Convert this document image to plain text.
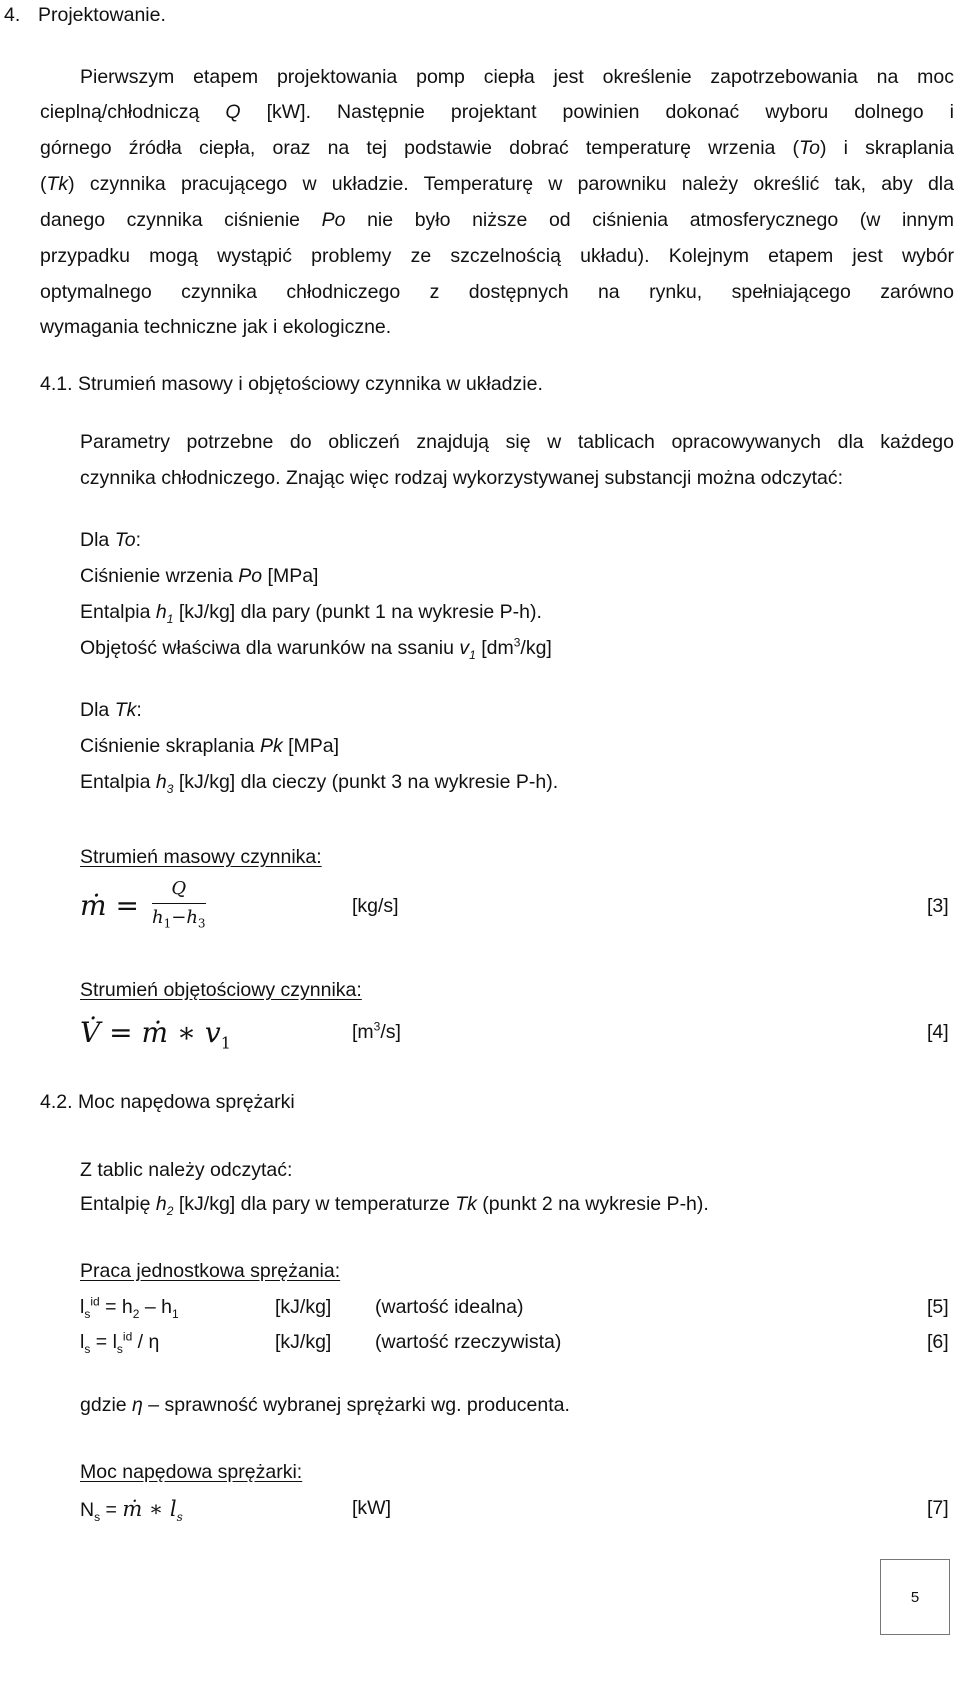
4. Projektowanie.
Pierwszym etapem projektowania pomp ciepła jest określenie zapotrzebowania na moc
cieplną/chłodniczą Q [kW]. Następnie projektant powinien dokonać wyboru dolnego i
górnego źródła ciepła, oraz na tej podstawie dobrać temperaturę wrzenia (To) i skraplania
(Tk) czynnika pracującego w układzie. Temperaturę w parowniku należy określić tak, aby dla
danego czynnika ciśnienie Po nie było niższe od ciśnienia atmosferycznego (w innym
przypadku mogą wystąpić problemy ze szczelnością układu). Kolejnym etapem jest wybór
optymalnego czynnika chłodniczego z dostępnych na rynku, spełniającego zarówno
wymagania techniczne jak i ekologiczne.
4.1. Strumień masowy i objętościowy czynnika w układzie.
Parametry potrzebne do obliczeń znajdują się w tablicach opracowywanych dla każdego
czynnika chłodniczego. Znając więc rodzaj wykorzystywanej substancji można odczytać:
Dla To:
Ciśnienie wrzenia Po [MPa]
Entalpia $h_1$ [kJ/kg] dla pary (punkt 1 na wykresie P-h).
Objętość właściwa dla warunków na ssaniu $v_1$ $[dm^3/kg]$
Dla Tk:
Ciśnienie skraplania Pk [MPa]
Entalpia $h_3$ [kJ/kg] dla cieczy (punkt 3 na wykresie P-h).
Strumień masowy czynnika:
ṁ =
Q
$h_1-h_3$
[kg/s]	[3]
Strumień objętościowy czynnika:
V̇ = ṁ ∗ $v_1$
$[m^3/s]$	[4]
4.2. Moc napędowa sprężarki
Z tablic należy odczytać:
Entalpię $h_2$ [kJ/kg] dla pary w temperaturze Tk (punkt 2 na wykresie P-h).
Praca jednostkowa sprężania:
$l_s^{id} = h_2 - h_1$	[kJ/kg] (wartość idealna)	[5]
$l_s = l_s^{id} / \eta$	[kJ/kg] (wartość rzeczywista)	[6]
gdzie η – sprawność wybranej sprężarki wg. producenta.
Moc napędowa sprężarki:
$N_s$ = ṁ ∗ $l_s$	[kW]	[7]
5
